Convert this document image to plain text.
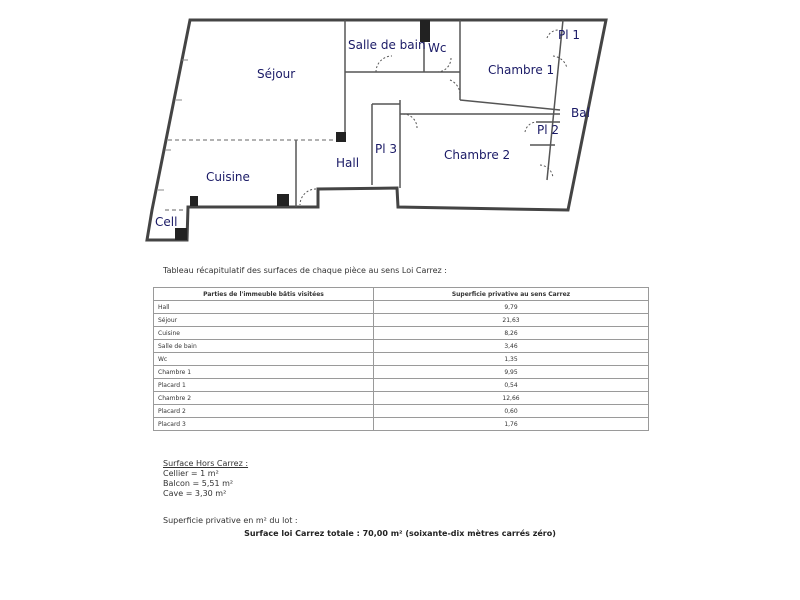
Séjour
Salle de bain Wc
Chambre 1
Pl 1
Bal
Pl 2
Pl 3
Hall
Chambre 2
Cuisine
Cell
Tableau récapitulatif des surfaces de chaque pièce au sens Loi Carrez :
Parties de l'immeuble bâtis visitées	Superficie privative au sens Carrez
Hall	9,79
Séjour	21,63
Cuisine	8,26
Salle de bain	3,46
Wc	1,35
Chambre 1	9,95
Placard 1	0,54
Chambre 2	12,66
Placard 2	0,60
Placard 3	1,76
Surface Hors Carrez :
Cellier = 1 m²
Balcon = 5,51 m²
Cave = 3,30 m²
Superficie privative en m² du lot :
Surface loi Carrez totale : 70,00 m² (soixante-dix mètres carrés zéro)
